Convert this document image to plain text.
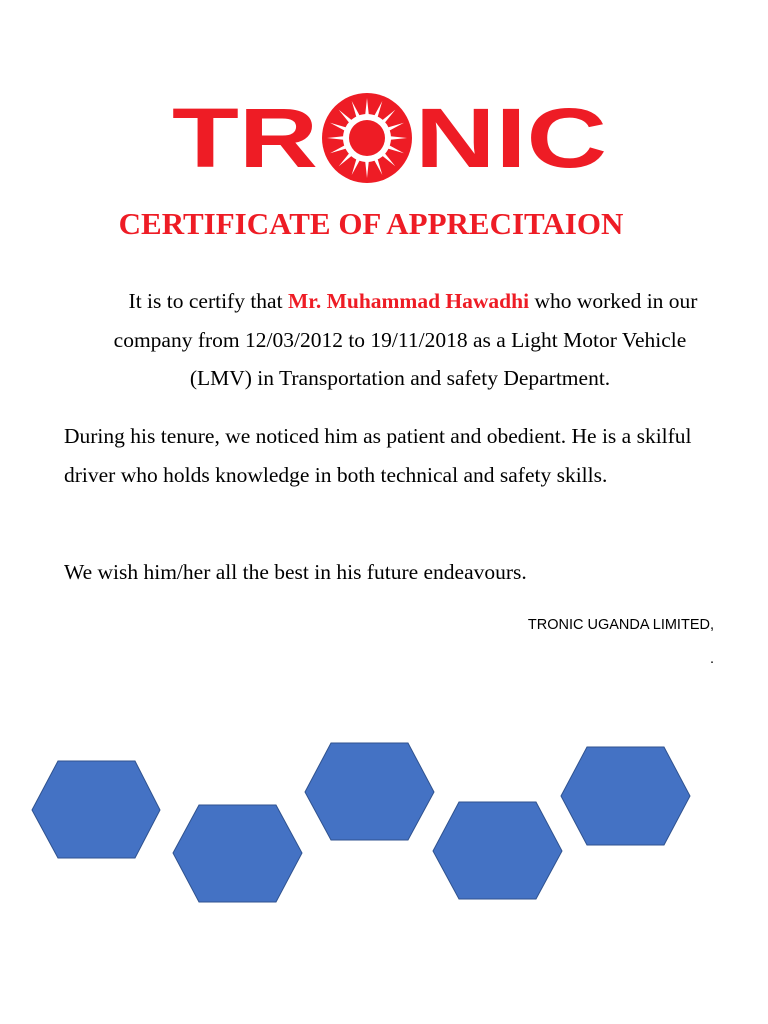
TR NIC
CERTIFICATE OF APPRECITAION

It is to certify that Mr. Muhammad Hawadhi who worked in our company from 12/03/2012 to 19/11/2018 as a Light Motor Vehicle (LMV) in Transportation and safety Department.

During his tenure, we noticed him as patient and obedient. He is a skilful driver who holds knowledge in both technical and safety skills.

We wish him/her all the best in his future endeavours.

TRONIC UGANDA LIMITED,

.
